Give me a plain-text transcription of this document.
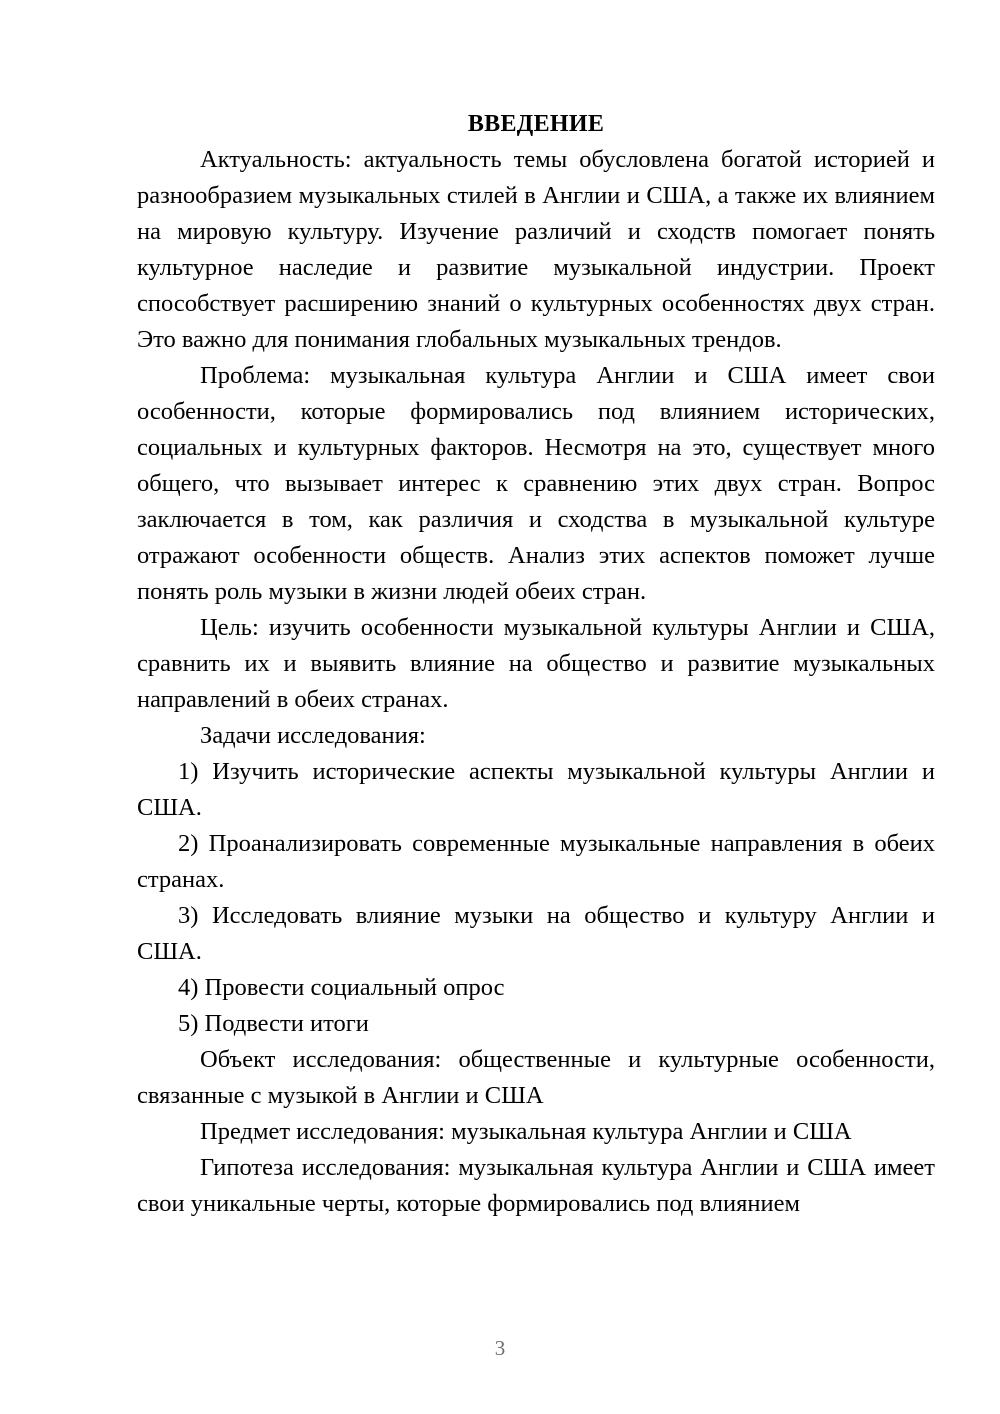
ВВЕДЕНИЕ

Актуальность: актуальность темы обусловлена богатой историей и разнообразием музыкальных стилей в Англии и США, а также их влиянием на мировую культуру. Изучение различий и сходств помогает понять культурное наследие и развитие музыкальной индустрии. Проект способствует расширению знаний о культурных особенностях двух стран. Это важно для понимания глобальных музыкальных трендов.

Проблема: музыкальная культура Англии и США имеет свои особенности, которые формировались под влиянием исторических, социальных и культурных факторов. Несмотря на это, существует много общего, что вызывает интерес к сравнению этих двух стран. Вопрос заключается в том, как различия и сходства в музыкальной культуре отражают особенности обществ. Анализ этих аспектов поможет лучше понять роль музыки в жизни людей обеих стран.

Цель: изучить особенности музыкальной культуры Англии и США, сравнить их и выявить влияние на общество и развитие музыкальных направлений в обеих странах.

Задачи исследования:

1) Изучить исторические аспекты музыкальной культуры Англии и США.

2) Проанализировать современные музыкальные направления в обеих странах.

3) Исследовать влияние музыки на общество и культуру Англии и США.

4) Провести социальный опрос

5) Подвести итоги

Объект исследования: общественные и культурные особенности, связанные с музыкой в Англии и США

Предмет исследования: музыкальная культура Англии и США

Гипотеза исследования: музыкальная культура Англии и США имеет свои уникальные черты, которые формировались под влиянием

3
